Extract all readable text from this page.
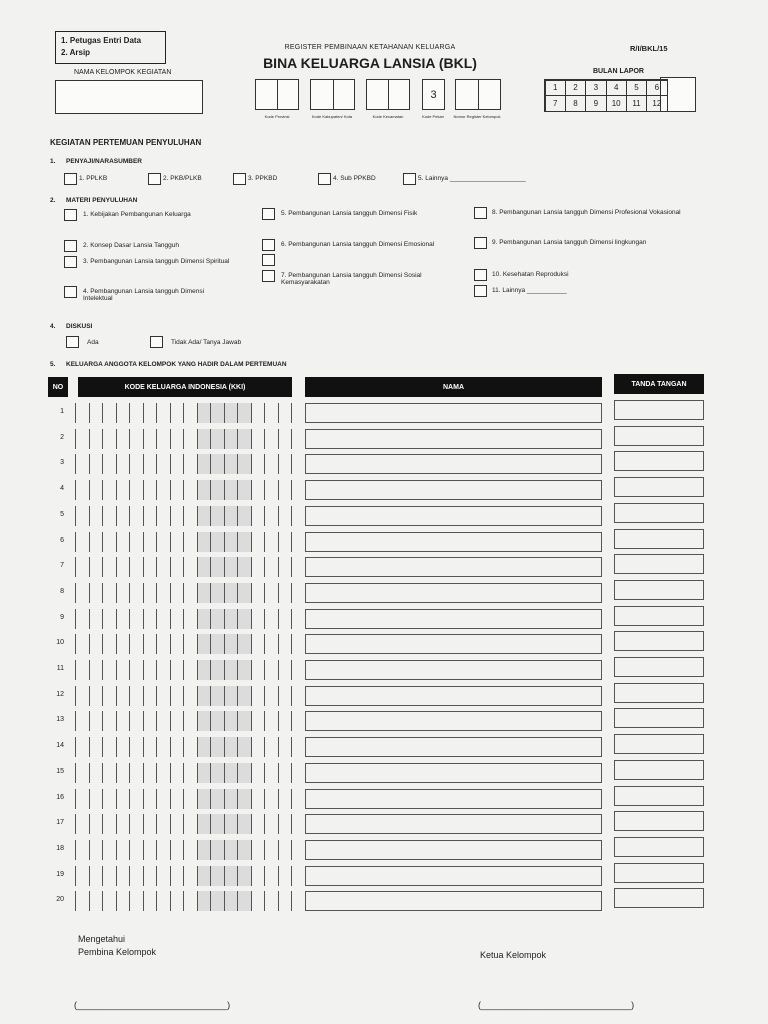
1. Petugas Entri Data
2. Arsip
NAMA KELOMPOK KEGIATAN
REGISTER PEMBINAAN KETAHANAN KELUARGA
BINA KELUARGA LANSIA (BKL)
R/I/BKL/15
3
Kode Provinsi	Kode Kabupaten/ Kota	Kode Kecamatan	Kode Pekan	Nomor Register Kelompok
BULAN LAPOR
1	2	3	4	5	6
7	8	9	10	11	12
KEGIATAN PERTEMUAN PENYULUHAN
1. PENYAJI/NARASUMBER
1. PPLKB	2. PKB/PLKB	3. PPKBD	4. Sub PPKBD	5. Lainnya _____________________
2. MATERI PENYULUHAN
1. Kebijakan Pembangunan Keluarga
2. Konsep Dasar Lansia Tangguh
3. Pembangunan Lansia tangguh Dimensi Spiritual
4. Pembangunan Lansia tangguh Dimensi Intelektual
5. Pembangunan Lansia tangguh Dimensi Fisik
6. Pembangunan Lansia tangguh Dimensi Emosional
7. Pembangunan Lansia tangguh Dimensi Sosial Kemasyarakatan
8. Pembangunan Lansia tangguh Dimensi Profesional Vokasional
9. Pembangunan Lansia tangguh Dimensi lingkungan
10. Kesehatan Reproduksi
11. Lainnya ___________
4. DISKUSI
Ada	Tidak Ada/ Tanya Jawab
5. KELUARGA ANGGOTA KELOMPOK YANG HADIR DALAM PERTEMUAN
NO	KODE KELUARGA INDONESIA (KKI)	NAMA	TANDA TANGAN
1
2
3
4
5
6
7
8
9
10
11
12
13
14
15
16
17
18
19
20
Mengetahui
Pembina Kelompok	Ketua Kelompok
(______________________________)	(______________________________)
